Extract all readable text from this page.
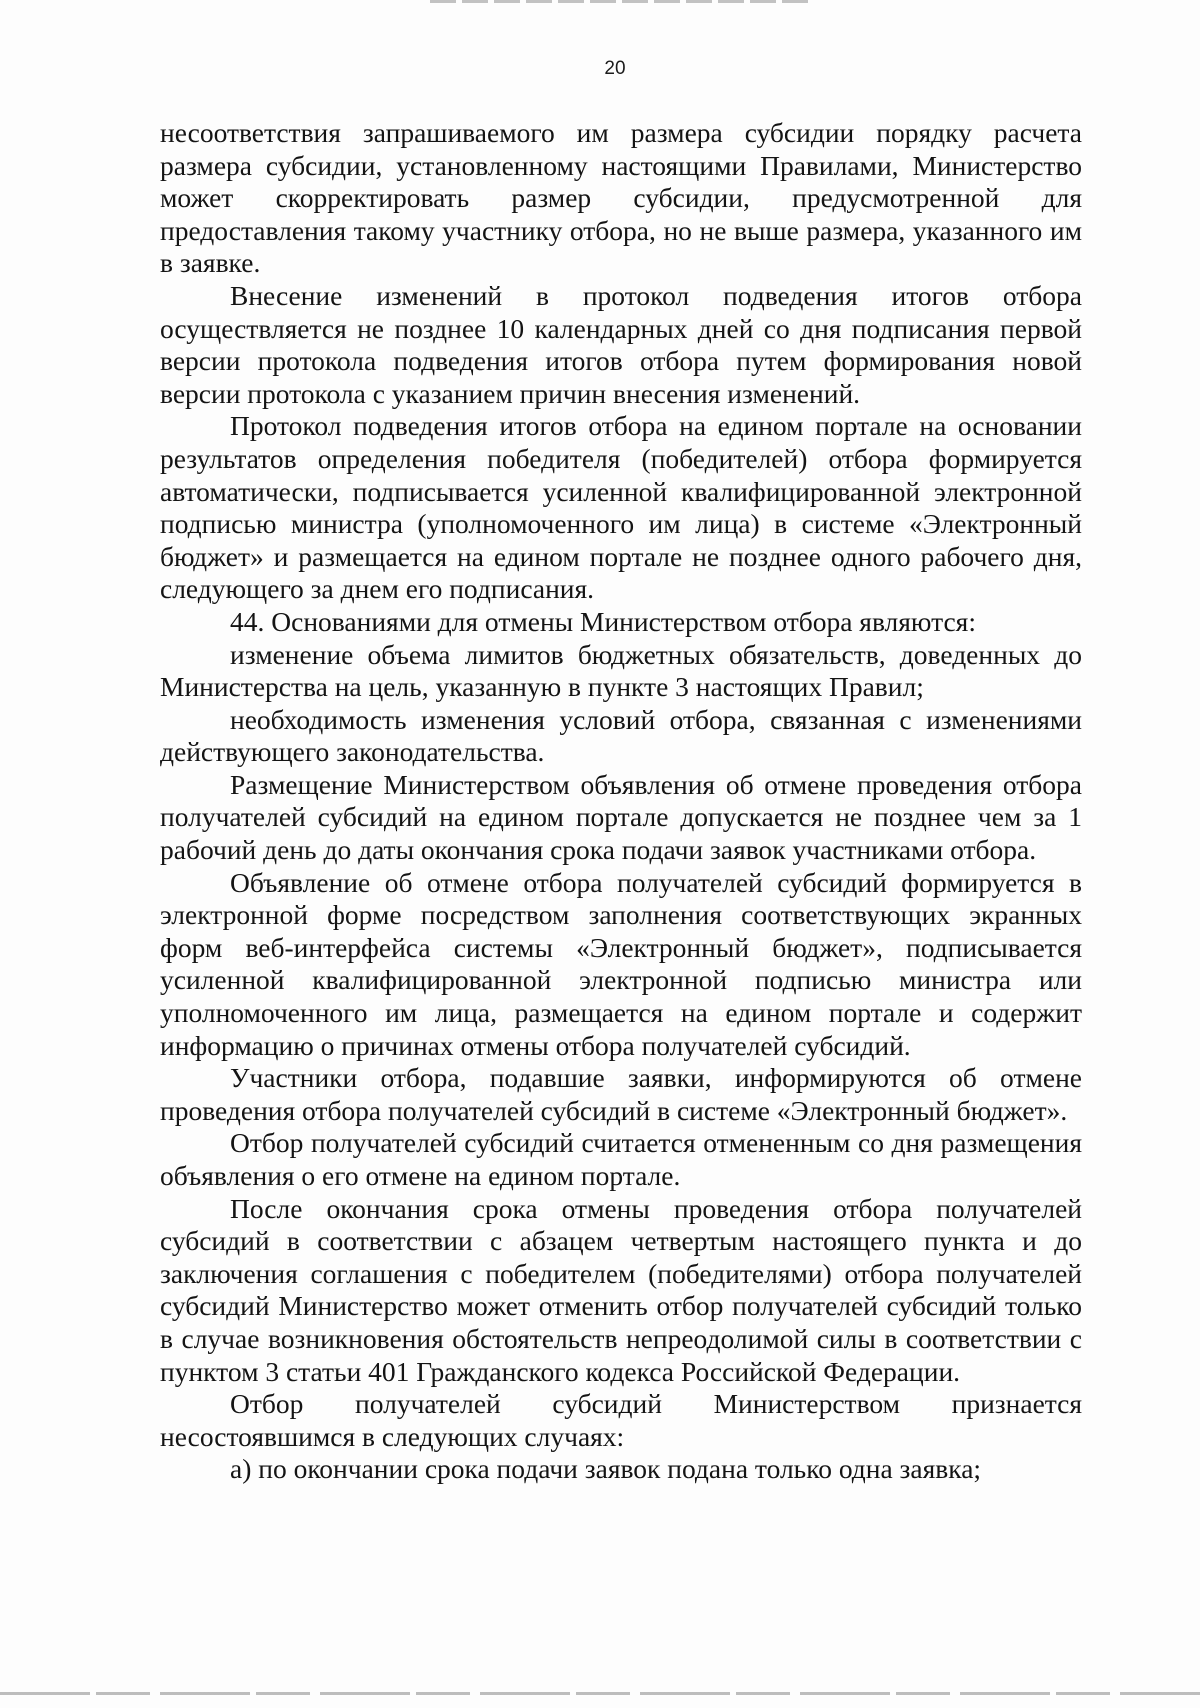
20

несоответствия запрашиваемого им размера субсидии порядку расчета размера субсидии, установленному настоящими Правилами, Министерство может скорректировать размер субсидии, предусмотренной для предоставления такому участнику отбора, но не выше размера, указанного им в заявке.

Внесение изменений в протокол подведения итогов отбора осуществляется не позднее 10 календарных дней со дня подписания первой версии протокола подведения итогов отбора путем формирования новой версии протокола с указанием причин внесения изменений.

Протокол подведения итогов отбора на едином портале на основании результатов определения победителя (победителей) отбора формируется автоматически, подписывается усиленной квалифицированной электронной подписью министра (уполномоченного им лица) в системе «Электронный бюджет» и размещается на едином портале не позднее одного рабочего дня, следующего за днем его подписания.

44. Основаниями для отмены Министерством отбора являются:

изменение объема лимитов бюджетных обязательств, доведенных до Министерства на цель, указанную в пункте 3 настоящих Правил;

необходимость изменения условий отбора, связанная с изменениями действующего законодательства.

Размещение Министерством объявления об отмене проведения отбора получателей субсидий на едином портале допускается не позднее чем за 1 рабочий день до даты окончания срока подачи заявок участниками отбора.

Объявление об отмене отбора получателей субсидий формируется в электронной форме посредством заполнения соответствующих экранных форм веб-интерфейса системы «Электронный бюджет», подписывается усиленной квалифицированной электронной подписью министра или уполномоченного им лица, размещается на едином портале и содержит информацию о причинах отмены отбора получателей субсидий.

Участники отбора, подавшие заявки, информируются об отмене проведения отбора получателей субсидий в системе «Электронный бюджет».

Отбор получателей субсидий считается отмененным со дня размещения объявления о его отмене на едином портале.

После окончания срока отмены проведения отбора получателей субсидий в соответствии с абзацем четвертым настоящего пункта и до заключения соглашения с победителем (победителями) отбора получателей субсидий Министерство может отменить отбор получателей субсидий только в случае возникновения обстоятельств непреодолимой силы в соответствии с пунктом 3 статьи 401 Гражданского кодекса Российской Федерации.

Отбор получателей субсидий Министерством признается несостоявшимся в следующих случаях:

а) по окончании срока подачи заявок подана только одна заявка;
